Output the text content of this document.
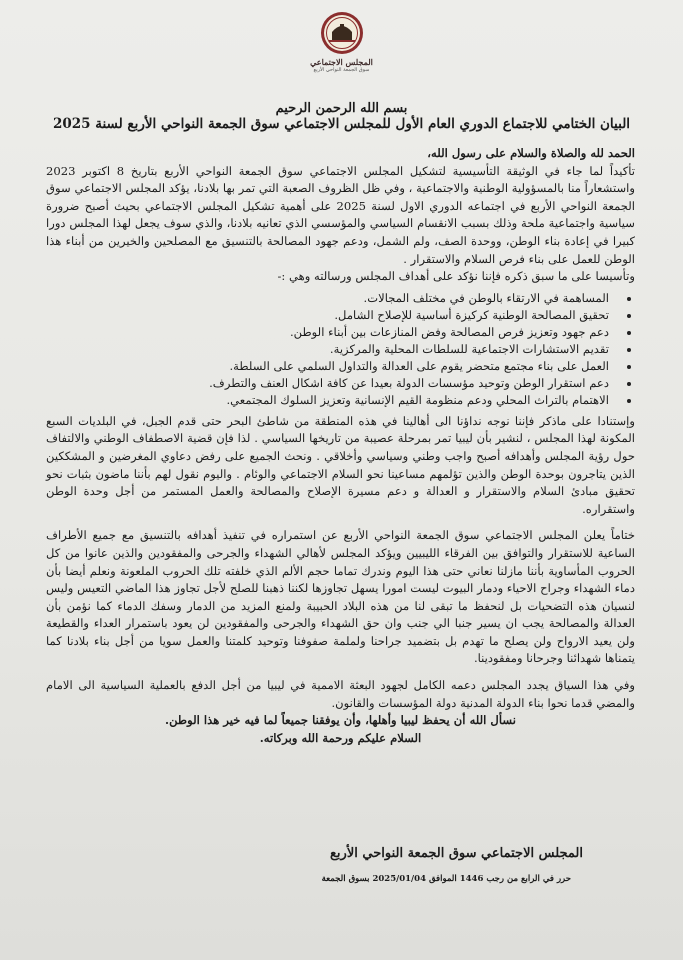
المجلس الاجتماعي
سوق الجمعة النواحي الأربع
بسم الله الرحمن الرحيم
البيان الختامي للاجتماع الدوري العام الأول للمجلس الاجتماعي سوق الجمعة النواحي الأربع لسنة 2025

الحمد لله والصلاة والسلام على رسول الله،

تأكيداً لما جاء في الوثيقة التأسيسية لتشكيل المجلس الاجتماعي سوق الجمعة النواحي الأربع بتاريخ 8 اكتوبر 2023 واستشعاراً منا بالمسؤولية الوطنية والاجتماعية ، وفي ظل الظروف الصعبة التي تمر بها بلادنا، يؤكد المجلس الاجتماعي سوق الجمعة النواحي الأربع في اجتماعه الدوري الاول لسنة 2025 على أهمية تشكيل المجلس الاجتماعي بحيث أصبح ضرورة سياسية واجتماعية ملحة وذلك بسبب الانقسام السياسي والمؤسسي الذي تعانيه بلادنا، والذي سوف يجعل لهذا المجلس دورا كبيرا في إعادة بناء الوطن، ووحدة الصف، ولم الشمل، ودعم جهود المصالحة بالتنسيق مع المصلحين والخيرين من أبناء هذا الوطن للعمل على بناء فرص السلام والاستقرار .

وتأسيسا على ما سبق ذكره فإننا نؤكد على أهداف المجلس ورسالته وهي :-

المساهمة في الارتقاء بالوطن في مختلف المجالات.
تحقيق المصالحة الوطنية كركيزة أساسية للإصلاح الشامل.
دعم جهود وتعزيز فرص المصالحة وفض المنازعات بين أبناء الوطن.
تقديم الاستشارات الاجتماعية للسلطات المحلية والمركزية.
العمل على بناء مجتمع متحضر يقوم على العدالة والتداول السلمي على السلطة.
دعم استقرار الوطن وتوحيد مؤسسات الدولة بعيدا عن كافة اشكال العنف والتطرف.
الاهتمام بالتراث المحلي ودعم منظومة القيم الإنسانية وتعزيز السلوك المجتمعي.

وإستنادا على ماذكر فإننا نوجه نداؤنا الى أهالينا في هذه المنطقة من شاطئ البحر حتى قدم الجبل، في البلديات السبع المكونة لهذا المجلس ، لنشير بأن ليبيا تمر بمرحلة عصيبة من تاريخها السياسي . لذا فإن قضية الاصطفاف الوطني والالتفاف حول رؤية المجلس وأهدافه أصبح واجب وطني وسياسي وأخلاقي . ونحث الجميع على رفض دعاوي المغرضين و المشككين الذين يتاجرون بوحدة الوطن والذين تؤلمهم مساعينا نحو السلام الاجتماعي والوئام . واليوم نقول لهم بأننا ماضون بثبات نحو تحقيق مبادئ السلام والاستقرار و العدالة و دعم مسيرة الإصلاح والمصالحة والعمل المستمر من أجل وحدة الوطن واستقراره.

ختاماً يعلن المجلس الاجتماعي سوق الجمعة النواحي الأربع عن استمراره في تنفيذ أهدافه بالتنسيق مع جميع الأطراف الساعية للاستقرار والتوافق بين الفرقاء الليبيين ويؤكد المجلس لأهالي الشهداء والجرحى والمفقودين والذين عانوا من كل الحروب المأساوية بأننا مازلنا نعاني حتى هذا اليوم وندرك تماما حجم الألم الذي خلفته تلك الحروب الملعونة ونعلم أيضا بأن دماء الشهداء وجراح الاحياء ودمار البيوت ليست امورا يسهل تجاوزها لكننا ذهبنا للصلح لأجل تجاوز هذا الماضي التعيس وليس لنسيان هذه التضحيات بل لنحفظ ما تبقى لنا من هذه البلاد الحبيبة ولمنع المزيد من الدمار وسفك الدماء كما نؤمن بأن العدالة والمصالحة يجب ان يسير جنبا الي جنب وان حق الشهداء والجرحى والمفقودين لن يعود باستمرار العداء والقطيعة ولن يعيد الارواح ولن يصلح ما تهدم بل بتضميد جراحنا ولملمة صفوفنا وتوحيد كلمتنا والعمل سويا من أجل بناء بلادنا كما يتمناها شهدائنا وجرحانا ومفقودينا.

وفي هذا السياق يجدد المجلس دعمه الكامل لجهود البعثة الاممية في ليبيا من أجل الدفع بالعملية السياسية الى الامام والمضي قدما نحوا بناء الدولة المدنية دولة المؤسسات والقانون.

نسأل الله أن يحفظ ليبيا وأهلها، وأن يوفقنا جميعاً لما فيه خير هذا الوطن.

السلام عليكم ورحمة الله وبركاته.

المجلس الاجتماعي سوق الجمعة النواحي الأربع
حرر في الرابع من رجب 1446 الموافق 2025/01/04 بسوق الجمعة
